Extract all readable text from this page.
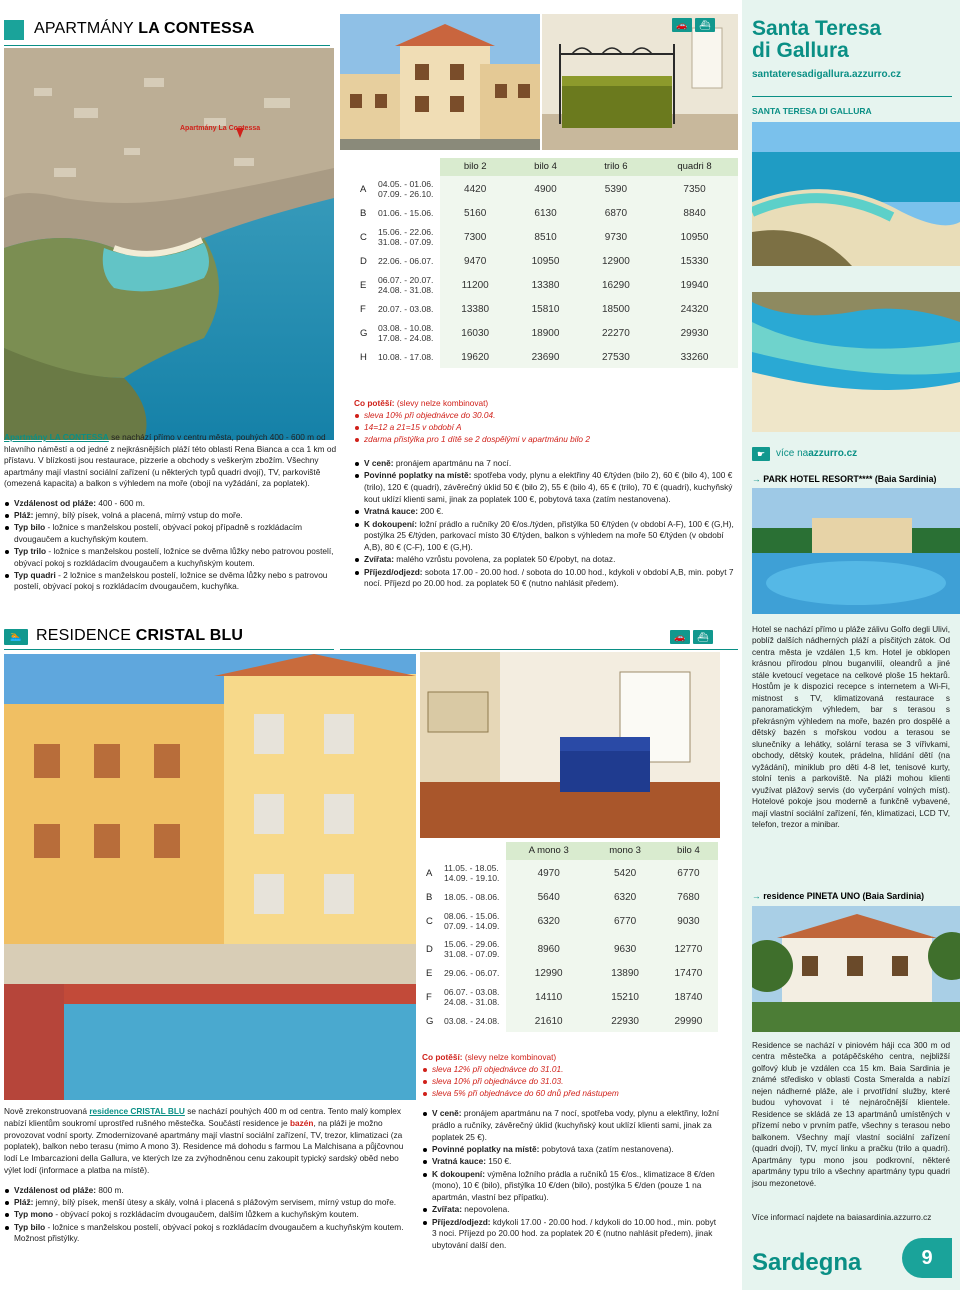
APARTMÁNY LA CONTESSA
Apartmány La Contessa
🚗	⛴
		bilo 2	bilo 4	trilo 6	quadri 8
A	04.05. - 01.06.
07.09. - 26.10.	4420	4900	5390	7350
B	01.06. - 15.06.	5160	6130	6870	8840
C	15.06. - 22.06.
31.08. - 07.09.	7300	8510	9730	10950
D	22.06. - 06.07.	9470	10950	12900	15330
E	06.07. - 20.07.
24.08. - 31.08.	11200	13380	16290	19940
F	20.07. - 03.08.	13380	15810	18500	24320
G	03.08. - 10.08.
17.08. - 24.08.	16030	18900	22270	29930
H	10.08. - 17.08.	19620	23690	27530	33260

Apartmány LA CONTESSA se nachází přímo v centru města, pouhých 400 - 600 m od hlavního náměstí a od jedné z nejkrásnějších pláží této oblasti Rena Bianca a cca 1 km od přístavu. V blízkosti jsou restaurace, pizzerie a obchody s veškerým zbožím. Všechny apartmány mají vlastní sociální zařízení (u některých typů quadri dvojí), TV, parkoviště (omezená kapacita) a balkon s výhledem na moře (obojí na vyžádání, za poplatek).

Vzdálenost od pláže: 400 - 600 m.
Pláž: jemný, bílý písek, volná a placená, mírný vstup do moře.
Typ bilo - ložnice s manželskou postelí, obývací pokoj případně s rozkládacím dvougaučem a kuchyňským koutem.
Typ trilo - ložnice s manželskou postelí, ložnice se dvěma lůžky nebo patrovou postelí, obývací pokoj s rozkládacím dvougaučem a kuchyňským koutem.
Typ quadri - 2 ložnice s manželskou postelí, ložnice se dvěma lůžky nebo s patrovou postelí, obývací pokoj s rozkládacím dvougaučem, kuchyňka.
Co potěší: (slevy nelze kombinovat)
sleva 10% při objednávce do 30.04.
14=12 a 21=15 v období A
zdarma přistýlka pro 1 dítě se 2 dospělými v apartmánu bilo 2
V ceně: pronájem apartmánu na 7 nocí.
Povinné poplatky na místě: spotřeba vody, plynu a elektřiny 40 €/týden (bilo 2), 60 € (bilo 4), 100 € (trilo), 120 € (quadri), závěrečný úklid 50 € (bilo 2), 55 € (bilo 4), 65 € (trilo), 70 € (quadri), kuchyňský kout uklízí klienti sami, jinak za poplatek 100 €, pobytová taxa (zatím nestanovena).
Vratná kauce: 200 €.
K dokoupení: ložní prádlo a ručníky 20 €/os./týden, přistýlka 50 €/týden (v období A-F), 100 € (G,H), postýlka 25 €/týden, parkovací místo 30 €/týden, balkon s výhledem na moře 50 €/týden (v období A,B), 80 € (C-F), 100 € (G,H).
Zvířata: malého vzrůstu povolena, za poplatek 50 €/pobyt, na dotaz.
Příjezd/odjezd: sobota 17.00 - 20.00 hod. / sobota do 10.00 hod., kdykoli v období A,B, min. pobyt 7 nocí. Příjezd po 20.00 hod. za poplatek 50 € (nutno nahlásit předem).
🏊 RESIDENCE CRISTAL BLU	🚗	⛴
		A mono 3	mono 3	bilo 4
A	11.05. - 18.05.
14.09. - 19.10.	4970	5420	6770
B	18.05. - 08.06.	5640	6320	7680
C	08.06. - 15.06.
07.09. - 14.09.	6320	6770	9030
D	15.06. - 29.06.
31.08. - 07.09.	8960	9630	12770
E	29.06. - 06.07.	12990	13890	17470
F	06.07. - 03.08.
24.08. - 31.08.	14110	15210	18740
G	03.08. - 24.08.	21610	22930	29990
Co potěší: (slevy nelze kombinovat)
sleva 12% při objednávce do 31.01.
sleva 10% při objednávce do 31.03.
sleva 5% při objednávce do 60 dnů před nástupem
V ceně: pronájem apartmánu na 7 nocí, spotřeba vody, plynu a elektřiny, ložní prádlo a ručníky, závěrečný úklid (kuchyňský kout uklízí klienti sami, jinak za poplatek 25 €).
Povinné poplatky na místě: pobytová taxa (zatím nestanovena).
Vratná kauce: 150 €.
K dokoupení: výměna ložního prádla a ručníků 15 €/os., klimatizace 8 €/den (mono), 10 € (bilo), přistýlka 10 €/den (bilo), postýlka 5 €/den (pouze 1 na apartmán, vlastní bez přípatku).
Zvířata: nepovolena.
Příjezd/odjezd: kdykoli 17.00 - 20.00 hod. / kdykoli do 10.00 hod., min. pobyt 3 noci. Příjezd po 20.00 hod. za poplatek 20 € (nutno nahlásit předem), jinak ubytování další den.

Nově zrekonstruovaná residence CRISTAL BLU se nachází pouhých 400 m od centra. Tento malý komplex nabízí klientům soukromí uprostřed rušného městečka. Součástí residence je bazén, na pláži je možno provozovat vodní sporty. Zmodernizované apartmány mají vlastní sociální zařízení, TV, trezor, klimatizaci (za poplatek), balkon nebo terasu (mimo A mono 3). Residence má dohodu s farmou La Malchisana a půjčovnou lodí Le Imbarcazioni della Gallura, ve kterých lze za zvýhodněnou cenu zakoupit typický sardský oběd nebo výlet lodí (informace a platba na místě).

Vzdálenost od pláže: 800 m.
Pláž: jemný, bílý písek, menší útesy a skály, volná i placená s plážovým servisem, mírný vstup do moře.
Typ mono - obývací pokoj s rozkládacím dvougaučem, dalším lůžkem a kuchyňským koutem.
Typ bilo - ložnice s manželskou postelí, obývací pokoj s rozkládacím dvougaučem a kuchyňským koutem. Možnost přistýlky.
Santa Teresa
di Gallura
santateresadigallura.azzurro.cz
SANTA TERESA DI GALLURA
☛	více na azzurro.cz
→ PARK HOTEL RESORT**** (Baia Sardinia)
Hotel se nachází přímo u pláže zálivu Golfo degli Ulivi, poblíž dalších nádherných pláží a písčitých zátok. Od centra města je vzdálen 1,5 km. Hotel je obklopen krásnou přírodou plnou buganvilií, oleandrů a jiné stále kvetoucí vegetace na celkové ploše 15 hektarů. Hostům je k dispozici recepce s internetem a Wi-Fi, mistnost s TV, klimatizovaná restaurace s panoramatickým výhledem, bar s terasou s překrásným výhledem na moře, bazén pro dospělé a dětský bazén s mořskou vodou a terasou se slunečníky a lehátky, solární terasa se 3 vířivkami, obchody, dětský koutek, prádelna, hlídání dětí (na vyžádání), miniklub pro děti 4-8 let, tenisové kurty, stolní tenis a parkoviště. Na pláži mohou klienti využívat plážový servis (do vyčerpání volných míst). Hotelové pokoje jsou moderně a funkčně vybavené, mají vlastní sociální zařízení, fén, klimatizaci, LCD TV, telefon, trezor a minibar.
→ residence PINETA UNO (Baia Sardinia)
Residence se nachází v piniovém háji cca 300 m od centra městečka a potápěčského centra, nejbližší golfový klub je vzdálen cca 15 km. Baia Sardinia je známé středisko v oblasti Costa Smeralda a nabízí nejen nádherné pláže, ale i prvotřídní služby, které budou vyhovovat i té nejnáročnější klientele. Residence se skládá ze 13 apartmánů umístěných v přízemí nebo v prvním patře, všechny s terasou nebo balkonem. Všechny mají vlastní sociální zařízení (quadri dvojí), TV, mycí linku a pračku (trilo a quadri). Apartmány typu mono jsou podkrovní, některé apartmány typu trilo a všechny apartmány typu quadri jsou mezonetové.
Více informací najdete na baiasardinia.azzurro.cz
Sardegna	9
